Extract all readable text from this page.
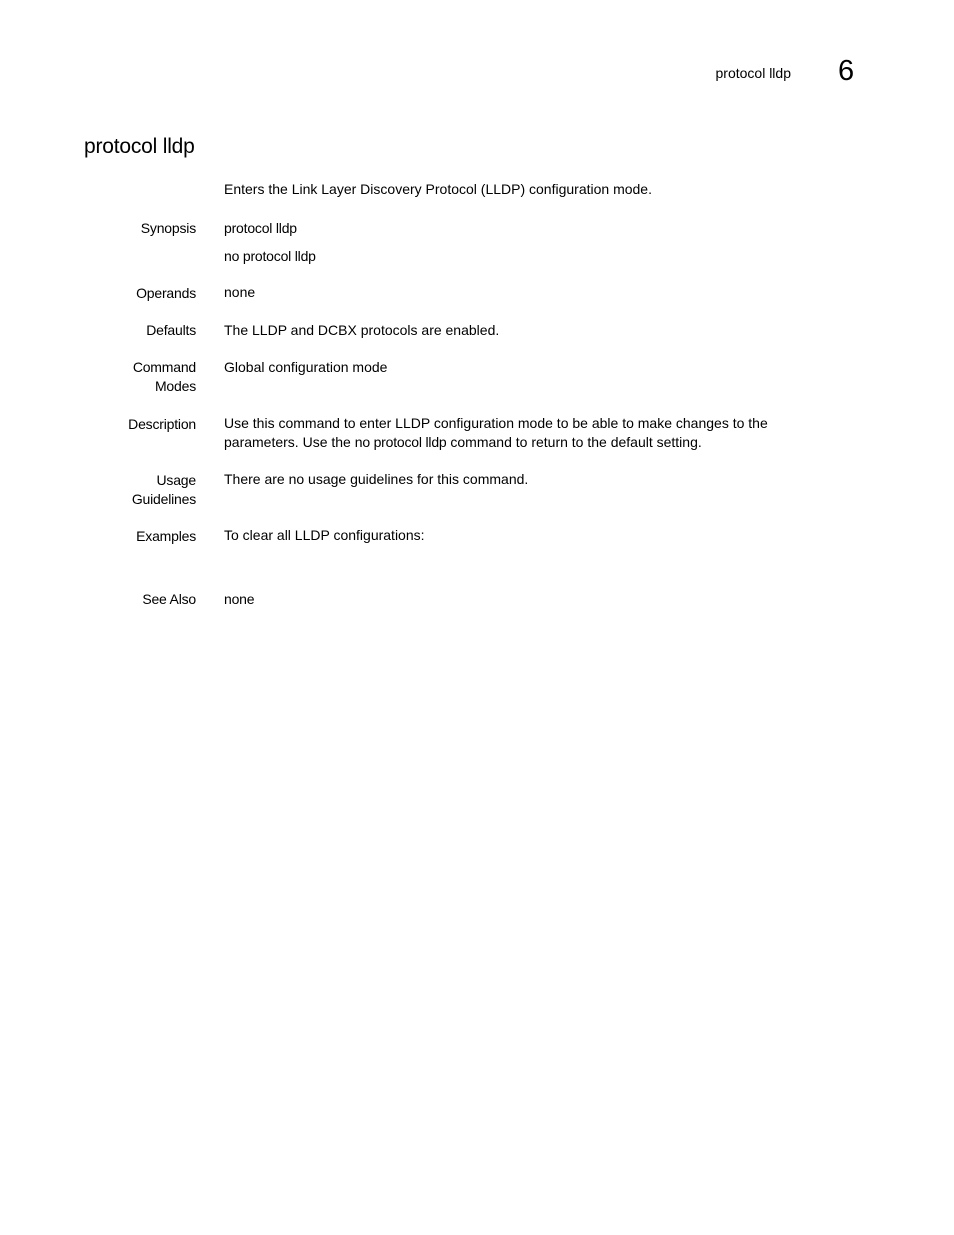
protocol lldp 6
protocol lldp
Enters the Link Layer Discovery Protocol (LLDP) configuration mode.
Synopsis protocol lldp
no protocol lldp
Operands none
Defaults The LLDP and DCBX protocols are enabled.
Command
Modes
Global configuration mode
Description Use this command to enter LLDP configuration mode to be able to make changes to the
parameters. Use the no protocol lldp command to return to the default setting.
Usage
Guidelines
There are no usage guidelines for this command.
Examples To clear all LLDP configurations:
See Also none
